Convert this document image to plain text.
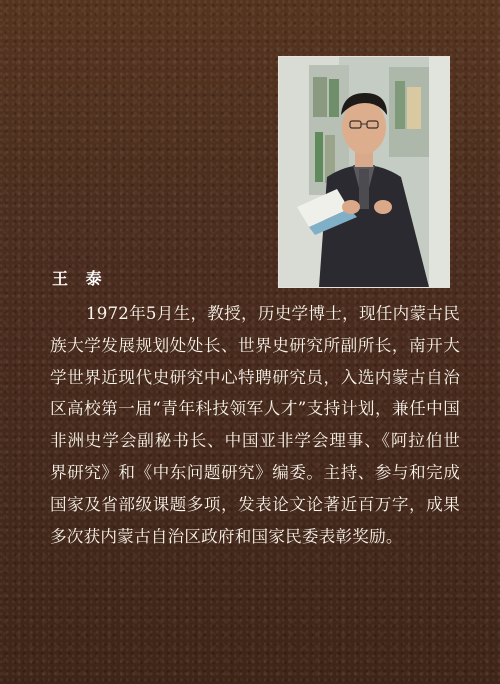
王 泰

1972年5月生，教授，历史学博士，现任内蒙古民族大学发展规划处处长、世界史研究所副所长，南开大学世界近现代史研究中心特聘研究员，入选内蒙古自治区高校第一届“青年科技领军人才”支持计划，兼任中国非洲史学会副秘书长、中国亚非学会理事、《阿拉伯世界研究》和《中东问题研究》编委。主持、参与和完成国家及省部级课题多项，发表论文论著近百万字，成果多次获内蒙古自治区政府和国家民委表彰奖励。
